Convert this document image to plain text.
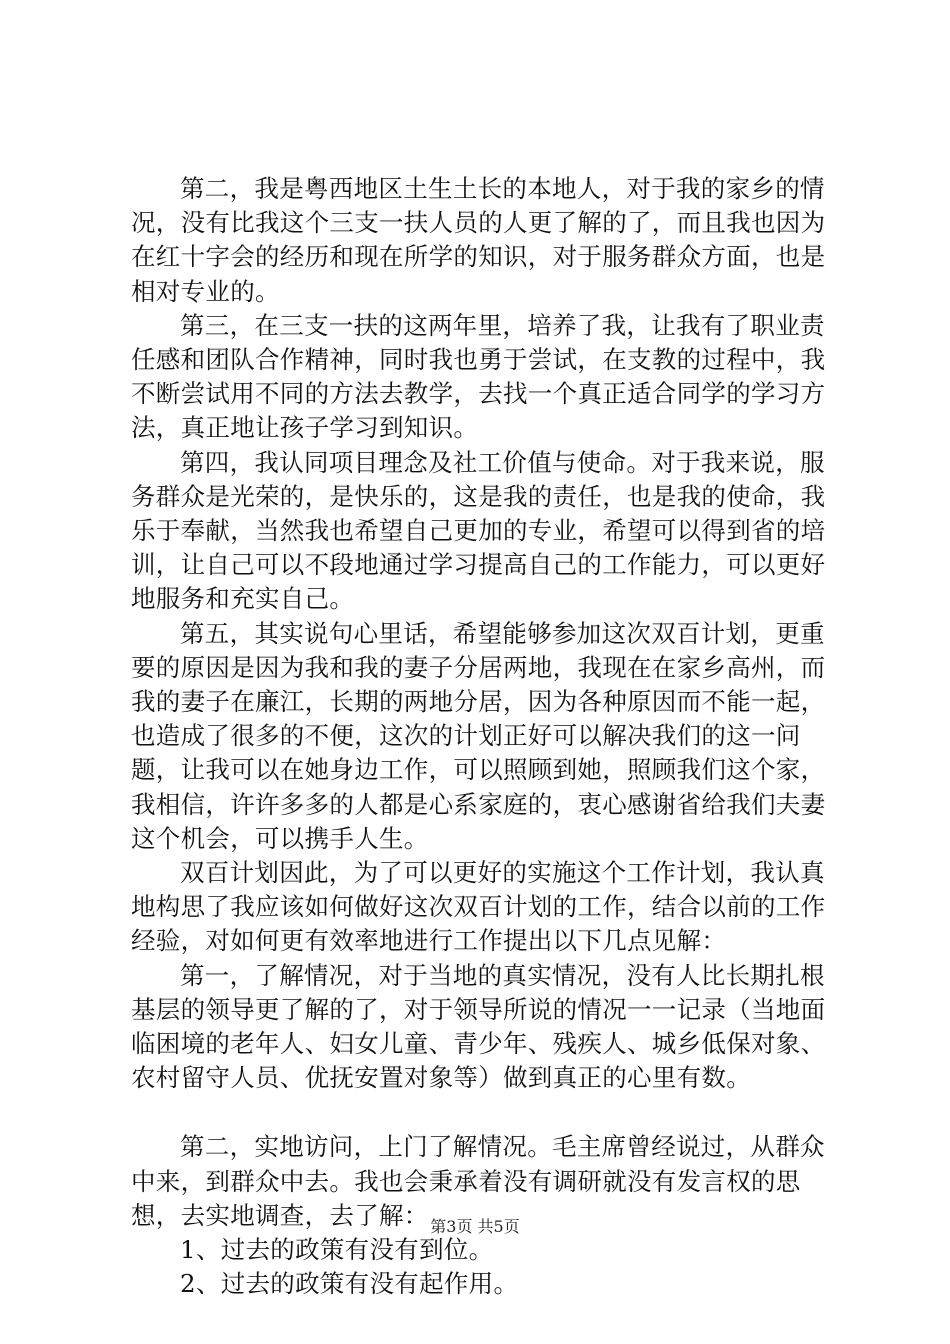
第二，我是粤西地区土生土长的本地人，对于我的家乡的情况，没有比我这个三支一扶人员的人更了解的了，而且我也因为在红十字会的经历和现在所学的知识，对于服务群众方面，也是相对专业的。

第三，在三支一扶的这两年里，培养了我，让我有了职业责任感和团队合作精神，同时我也勇于尝试，在支教的过程中，我不断尝试用不同的方法去教学，去找一个真正适合同学的学习方法，真正地让孩子学习到知识。

第四，我认同项目理念及社工价值与使命。对于我来说，服务群众是光荣的，是快乐的，这是我的责任，也是我的使命，我乐于奉献，当然我也希望自己更加的专业，希望可以得到省的培训，让自己可以不段地通过学习提高自己的工作能力，可以更好地服务和充实自己。

第五，其实说句心里话，希望能够参加这次双百计划，更重要的原因是因为我和我的妻子分居两地，我现在在家乡高州，而我的妻子在廉江，长期的两地分居，因为各种原因而不能一起，也造成了很多的不便，这次的计划正好可以解决我们的这一问题，让我可以在她身边工作，可以照顾到她，照顾我们这个家，我相信，许许多多的人都是心系家庭的，衷心感谢省给我们夫妻这个机会，可以携手人生。

双百计划因此，为了可以更好的实施这个工作计划，我认真地构思了我应该如何做好这次双百计划的工作，结合以前的工作经验，对如何更有效率地进行工作提出以下几点见解：

第一，了解情况，对于当地的真实情况，没有人比长期扎根基层的领导更了解的了，对于领导所说的情况一一记录（当地面临困境的老年人、妇女儿童、青少年、残疾人、城乡低保对象、农村留守人员、优抚安置对象等）做到真正的心里有数。

第二，实地访问，上门了解情况。毛主席曾经说过，从群众中来，到群众中去。我也会秉承着没有调研就没有发言权的思想，去实地调查，去了解：

1、过去的政策有没有到位。

2、过去的政策有没有起作用。

第3页 共5页
